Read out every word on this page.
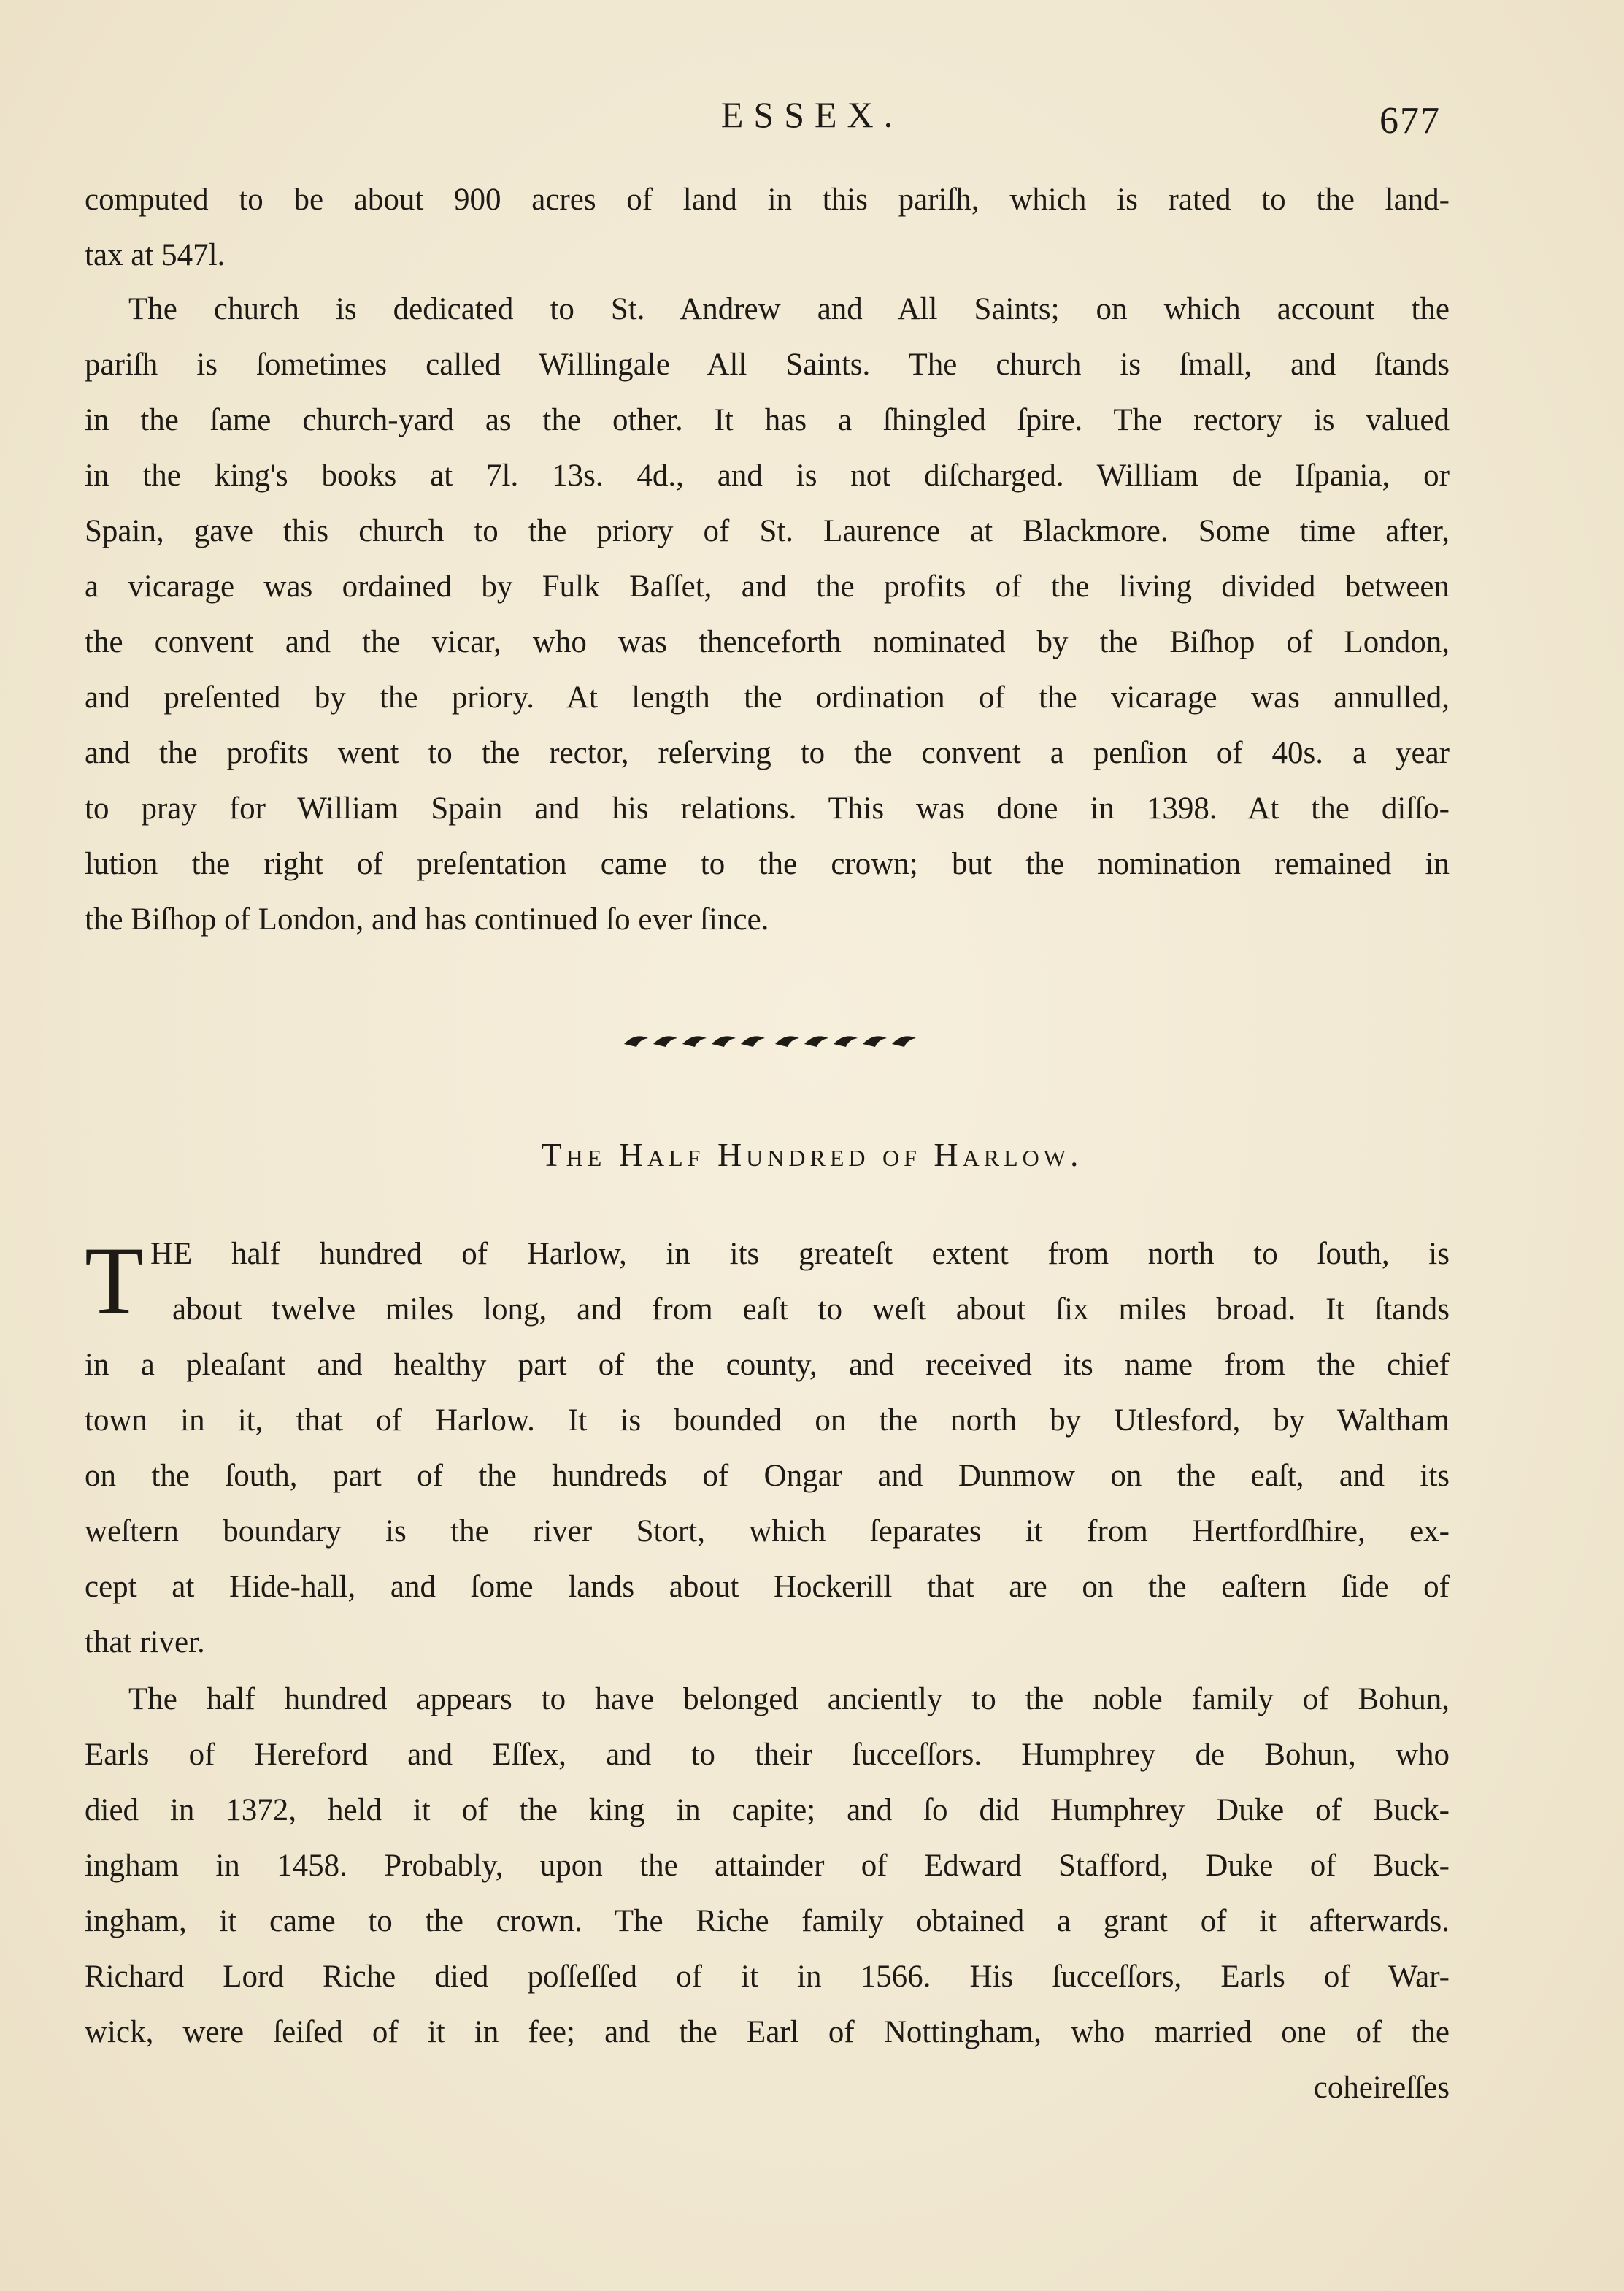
ESSEX.	677
computed to be about 900 acres of land in this pariſh, which is rated to the land-
tax at 547l.
The church is dedicated to St. Andrew and All Saints; on which account the
pariſh is ſometimes called Willingale All Saints. The church is ſmall, and ſtands
in the ſame church-yard as the other. It has a ſhingled ſpire. The rectory is valued
in the king's books at 7l. 13s. 4d., and is not diſcharged. William de Iſpania, or
Spain, gave this church to the priory of St. Laurence at Blackmore. Some time after,
a vicarage was ordained by Fulk Baſſet, and the profits of the living divided between
the convent and the vicar, who was thenceforth nominated by the Biſhop of London,
and preſented by the priory. At length the ordination of the vicarage was annulled,
and the profits went to the rector, reſerving to the convent a penſion of 40s. a year
to pray for William Spain and his relations. This was done in 1398. At the diſſo-
lution the right of preſentation came to the crown; but the nomination remained in
the Biſhop of London, and has continued ſo ever ſince.
The Half Hundred of Harlow.
T HE half hundred of Harlow, in its greateſt extent from north to ſouth, is
about twelve miles long, and from eaſt to weſt about ſix miles broad. It ſtands
in a pleaſant and healthy part of the county, and received its name from the chief
town in it, that of Harlow. It is bounded on the north by Utlesford, by Waltham
on the ſouth, part of the hundreds of Ongar and Dunmow on the eaſt, and its
weſtern boundary is the river Stort, which ſeparates it from Hertfordſhire, ex-
cept at Hide-hall, and ſome lands about Hockerill that are on the eaſtern ſide of
that river.
The half hundred appears to have belonged anciently to the noble family of Bohun,
Earls of Hereford and Eſſex, and to their ſucceſſors. Humphrey de Bohun, who
died in 1372, held it of the king in capite; and ſo did Humphrey Duke of Buck-
ingham in 1458. Probably, upon the attainder of Edward Stafford, Duke of Buck-
ingham, it came to the crown. The Riche family obtained a grant of it afterwards.
Richard Lord Riche died poſſeſſed of it in 1566. His ſucceſſors, Earls of War-
wick, were ſeiſed of it in fee; and the Earl of Nottingham, who married one of the
coheireſſes
